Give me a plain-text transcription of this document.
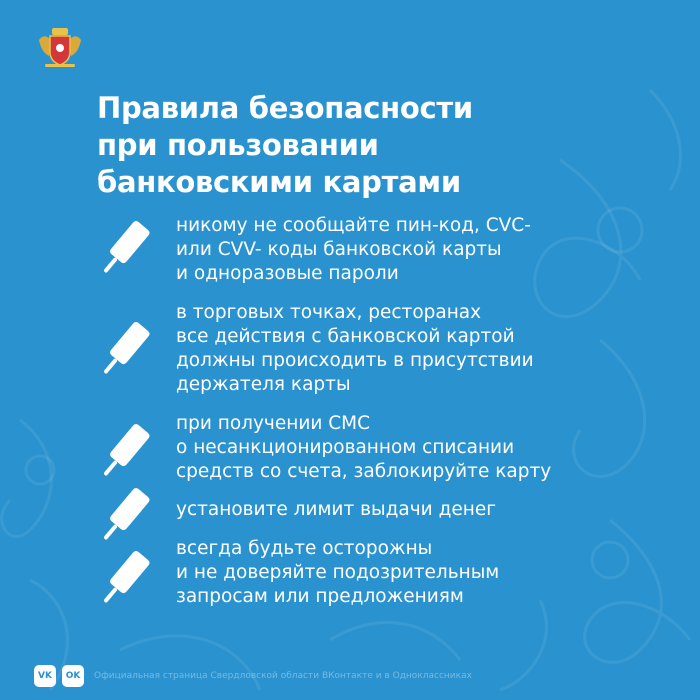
Правила безопасности
при пользовании
банковскими картами
никому не сообщайте пин-код, CVC-
или CVV- коды банковской карты
и одноразовые пароли
в торговых точках, ресторанах
все действия с банковской картой
должны происходить в присутствии
держателя карты
при получении СМС
о несанкционированном списании
средств со счета, заблокируйте карту
установите лимит выдачи денег
всегда будьте осторожны
и не доверяйте подозрительным
запросам или предложениям
VK	OK	Официальная страница Свердловской области ВКонтакте и в Одноклассниках
